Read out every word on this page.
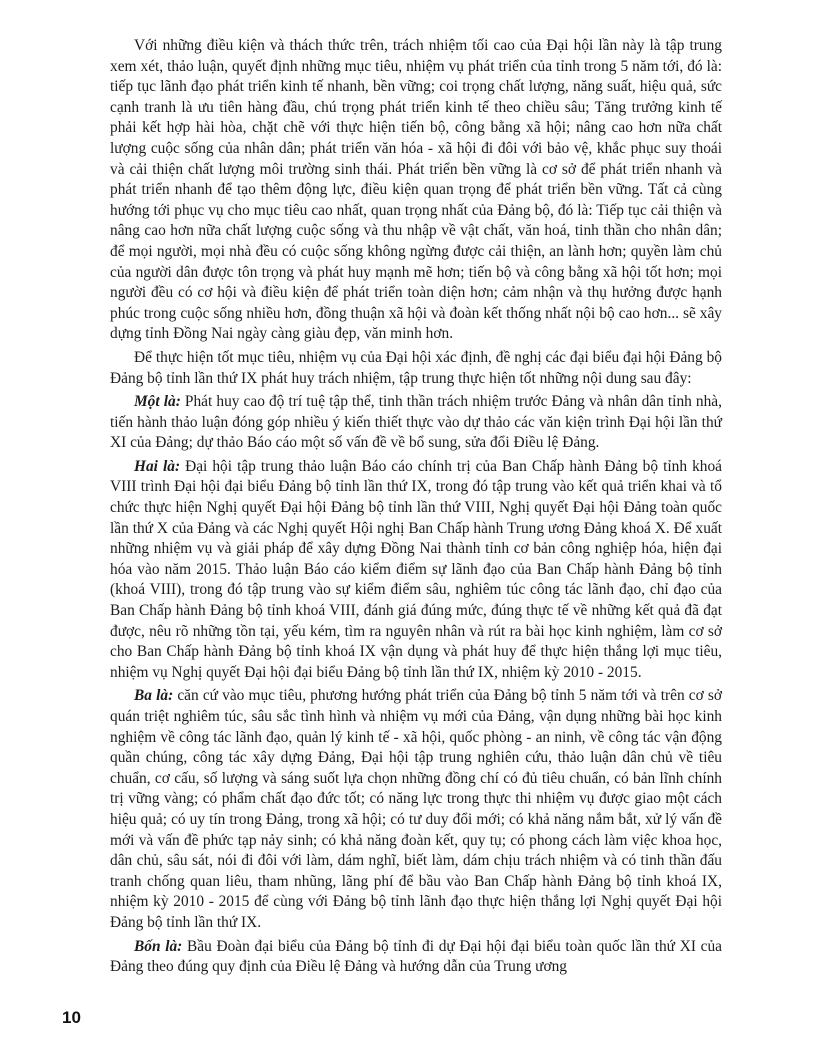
Với những điều kiện và thách thức trên, trách nhiệm tối cao của Đại hội lần này là tập trung xem xét, thảo luận, quyết định những mục tiêu, nhiệm vụ phát triển của tỉnh trong 5 năm tới, đó là: tiếp tục lãnh đạo phát triển kinh tế nhanh, bền vững; coi trọng chất lượng, năng suất, hiệu quả, sức cạnh tranh là ưu tiên hàng đầu, chú trọng phát triển kinh tế theo chiều sâu; Tăng trưởng kinh tế phải kết hợp hài hòa, chặt chẽ với thực hiện tiến bộ, công bằng xã hội; nâng cao hơn nữa chất lượng cuộc sống của nhân dân; phát triển văn hóa - xã hội đi đôi với bảo vệ, khắc phục suy thoái và cải thiện chất lượng môi trường sinh thái. Phát triển bền vững là cơ sở để phát triển nhanh và phát triển nhanh để tạo thêm động lực, điều kiện quan trọng để phát triển bền vững. Tất cả cùng hướng tới phục vụ cho mục tiêu cao nhất, quan trọng nhất của Đảng bộ, đó là: Tiếp tục cải thiện và nâng cao hơn nữa chất lượng cuộc sống và thu nhập về vật chất, văn hoá, tinh thần cho nhân dân; để mọi người, mọi nhà đều có cuộc sống không ngừng được cải thiện, an lành hơn; quyền làm chủ của người dân được tôn trọng và phát huy mạnh mẽ hơn; tiến bộ và công bằng xã hội tốt hơn; mọi người đều có cơ hội và điều kiện để phát triển toàn diện hơn; cảm nhận và thụ hưởng được hạnh phúc trong cuộc sống nhiều hơn, đồng thuận xã hội và đoàn kết thống nhất nội bộ cao hơn... sẽ xây dựng tỉnh Đồng Nai ngày càng giàu đẹp, văn minh hơn.

Để thực hiện tốt mục tiêu, nhiệm vụ của Đại hội xác định, đề nghị các đại biểu đại hội Đảng bộ Đảng bộ tỉnh lần thứ IX phát huy trách nhiệm, tập trung thực hiện tốt những nội dung sau đây:

Một là: Phát huy cao độ trí tuệ tập thể, tinh thần trách nhiệm trước Đảng và nhân dân tỉnh nhà, tiến hành thảo luận đóng góp nhiều ý kiến thiết thực vào dự thảo các văn kiện trình Đại hội lần thứ XI của Đảng; dự thảo Báo cáo một số vấn đề về bổ sung, sửa đổi Điều lệ Đảng.

Hai là: Đại hội tập trung thảo luận Báo cáo chính trị của Ban Chấp hành Đảng bộ tỉnh khoá VIII trình Đại hội đại biểu Đảng bộ tỉnh lần thứ IX, trong đó tập trung vào kết quả triển khai và tổ chức thực hiện Nghị quyết Đại hội Đảng bộ tỉnh lần thứ VIII, Nghị quyết Đại hội Đảng toàn quốc lần thứ X của Đảng và các Nghị quyết Hội nghị Ban Chấp hành Trung ương Đảng khoá X. Để xuất những nhiệm vụ và giải pháp để xây dựng Đồng Nai thành tỉnh cơ bản công nghiệp hóa, hiện đại hóa vào năm 2015. Thảo luận Báo cáo kiểm điểm sự lãnh đạo của Ban Chấp hành Đảng bộ tỉnh (khoá VIII), trong đó tập trung vào sự kiểm điểm sâu, nghiêm túc công tác lãnh đạo, chỉ đạo của Ban Chấp hành Đảng bộ tỉnh khoá VIII, đánh giá đúng mức, đúng thực tế về những kết quả đã đạt được, nêu rõ những tồn tại, yếu kém, tìm ra nguyên nhân và rút ra bài học kinh nghiệm, làm cơ sở cho Ban Chấp hành Đảng bộ tỉnh khoá IX vận dụng và phát huy để thực hiện thắng lợi mục tiêu, nhiệm vụ Nghị quyết Đại hội đại biểu Đảng bộ tỉnh lần thứ IX, nhiệm kỳ 2010 - 2015.

Ba là: căn cứ vào mục tiêu, phương hướng phát triển của Đảng bộ tỉnh 5 năm tới và trên cơ sở quán triệt nghiêm túc, sâu sắc tình hình và nhiệm vụ mới của Đảng, vận dụng những bài học kinh nghiệm về công tác lãnh đạo, quản lý kinh tế - xã hội, quốc phòng - an ninh, về công tác vận động quần chúng, công tác xây dựng Đảng, Đại hội tập trung nghiên cứu, thảo luận dân chủ về tiêu chuẩn, cơ cấu, số lượng và sáng suốt lựa chọn những đồng chí có đủ tiêu chuẩn, có bản lĩnh chính trị vững vàng; có phẩm chất đạo đức tốt; có năng lực trong thực thi nhiệm vụ được giao một cách hiệu quả; có uy tín trong Đảng, trong xã hội; có tư duy đổi mới; có khả năng nắm bắt, xử lý vấn đề mới và vấn đề phức tạp nảy sinh; có khả năng đoàn kết, quy tụ; có phong cách làm việc khoa học, dân chủ, sâu sát, nói đi đôi với làm, dám nghĩ, biết làm, dám chịu trách nhiệm và có tinh thần đấu tranh chống quan liêu, tham nhũng, lãng phí để bầu vào Ban Chấp hành Đảng bộ tỉnh khoá IX, nhiệm kỳ 2010 - 2015 để cùng với Đảng bộ tỉnh lãnh đạo thực hiện thắng lợi Nghị quyết Đại hội Đảng bộ tỉnh lần thứ IX.

Bốn là: Bầu Đoàn đại biểu của Đảng bộ tỉnh đi dự Đại hội đại biểu toàn quốc lần thứ XI của Đảng theo đúng quy định của Điều lệ Đảng và hướng dẫn của Trung ương

10
